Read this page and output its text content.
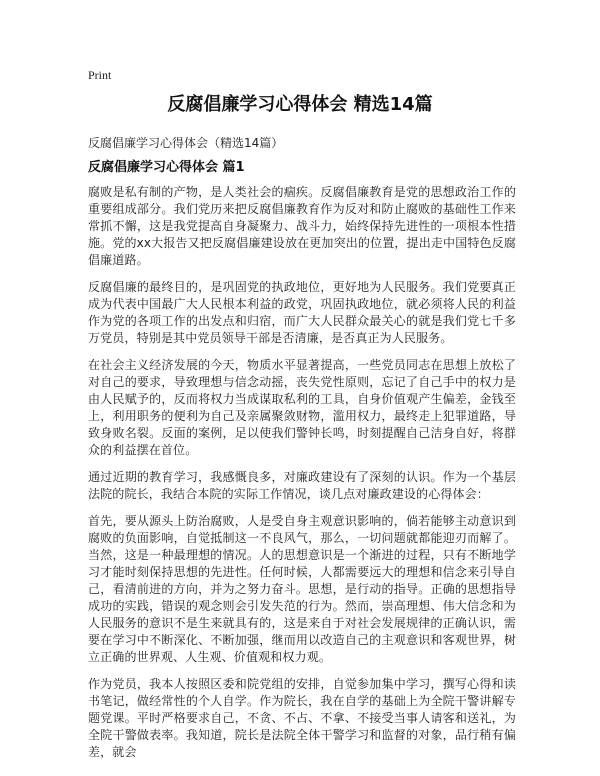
Print
反腐倡廉学习心得体会 精选14篇
反腐倡廉学习心得体会（精选14篇）
反腐倡廉学习心得体会 篇1

腐败是私有制的产物，是人类社会的痼疾。反腐倡廉教育是党的思想政治工作的重要组成部分。我们党历来把反腐倡廉教育作为反对和防止腐败的基础性工作来常抓不懈，这是我党提高自身凝聚力、战斗力，始终保持先进性的一项根本性措施。党的xx大报告又把反腐倡廉建设放在更加突出的位置，提出走中国特色反腐倡廉道路。

反腐倡廉的最终目的，是巩固党的执政地位，更好地为人民服务。我们党要真正成为代表中国最广大人民根本利益的政党，巩固执政地位，就必须将人民的利益作为党的各项工作的出发点和归宿，而广大人民群众最关心的就是我们党七千多万党员，特别是其中党员领导干部是否清廉，是否真正为人民服务。

在社会主义经济发展的今天，物质水平显著提高，一些党员同志在思想上放松了对自己的要求，导致理想与信念动摇，丧失党性原则，忘记了自己手中的权力是由人民赋予的，反而将权力当成谋取私利的工具，自身价值观产生偏差，金钱至上，利用职务的便利为自己及亲属聚敛财物，滥用权力，最终走上犯罪道路，导致身败名裂。反面的案例，足以使我们警钟长鸣，时刻提醒自己洁身自好，将群众的利益摆在首位。

通过近期的教育学习，我感慨良多，对廉政建设有了深刻的认识。作为一个基层法院的院长，我结合本院的实际工作情况，谈几点对廉政建设的心得体会：

首先，要从源头上防治腐败，人是受自身主观意识影响的，倘若能够主动意识到腐败的负面影响，自觉抵制这一不良风气，那么，一切问题就都能迎刃而解了。当然，这是一种最理想的情况。人的思想意识是一个渐进的过程，只有不断地学习才能时刻保持思想的先进性。任何时候，人都需要远大的理想和信念来引导自己，看清前进的方向，并为之努力奋斗。思想，是行动的指导。正确的思想指导成功的实践，错误的观念则会引发失范的行为。然而，崇高理想、伟大信念和为人民服务的意识不是生来就具有的，这是来自于对社会发展规律的正确认识，需要在学习中不断深化、不断加强，继而用以改造自己的主观意识和客观世界，树立正确的世界观、人生观、价值观和权力观。

作为党员，我本人按照区委和院党组的安排，自觉参加集中学习，撰写心得和读书笔记，做经常性的个人自学。作为院长，我在自学的基础上为全院干警讲解专题党课。平时严格要求自己，不贪、不占、不拿、不接受当事人请客和送礼，为全院干警做表率。我知道，院长是法院全体干警学习和监督的对象，品行稍有偏差，就会
